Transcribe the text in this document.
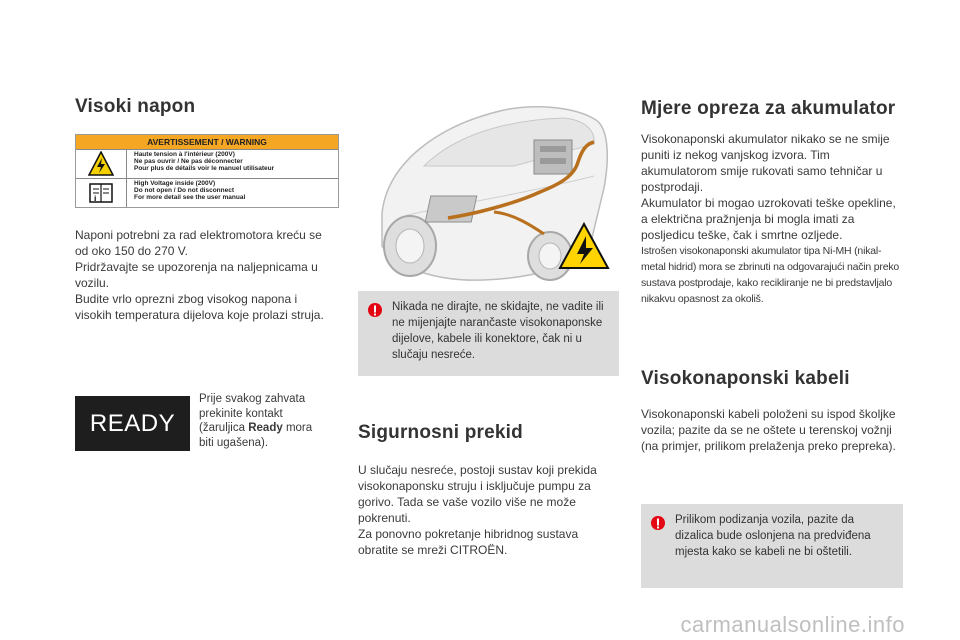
Visoki napon
AVERTISSEMENT / WARNING
Haute tension à l'intérieur (200V)
Ne pas ouvrir / Ne pas déconnecter
Pour plus de détails voir le manuel utilisateur
i
High Voltage inside (200V)
Do not open / Do not disconnect
For more detail see the user manual

Naponi potrebni za rad elektromotora kreću se od oko 150 do 270 V.

Pridržavajte se upozorenja na naljepnicama u vozilu.

Budite vrlo oprezni zbog visokog napona i visokih temperatura dijelova koje prolazi struja.

READY
Prije svakog zahvata prekinite kontakt (žaruljica Ready mora biti ugašena).
Nikada ne dirajte, ne skidajte, ne vadite ili ne mijenjajte narančaste visokonaponske dijelove, kabele ili konektore, čak ni u slučaju nesreće.
Sigurnosni prekid

U slučaju nesreće, postoji sustav koji prekida visokonaponsku struju i isključuje pumpu za gorivo. Tada se vaše vozilo više ne može pokrenuti.

Za ponovno pokretanje hibridnog sustava obratite se mreži CITROËN.

Mjere opreza za akumulator

Visokonaponski akumulator nikako se ne smije puniti iz nekog vanjskog izvora. Tim akumulatorom smije rukovati samo tehničar u postprodaji.

Akumulator bi mogao uzrokovati teške opekline, a električna pražnjenja bi mogla imati za posljedicu teške, čak i smrtne ozljede.

Istrošen visokonaponski akumulator tipa Ni-MH (nikal-metal hidrid) mora se zbrinuti na odgovarajući način preko sustava postprodaje, kako recikliranje ne bi predstavljalo nikakvu opasnost za okoliš.

Visokonaponski kabeli

Visokonaponski kabeli položeni su ispod školjke vozila; pazite da se ne oštete u terenskoj vožnji (na primjer, prilikom prelaženja preko prepreka).

Prilikom podizanja vozila, pazite da dizalica bude oslonjena na predviđena mjesta kako se kabeli ne bi oštetili.
carmanualsonline.info
